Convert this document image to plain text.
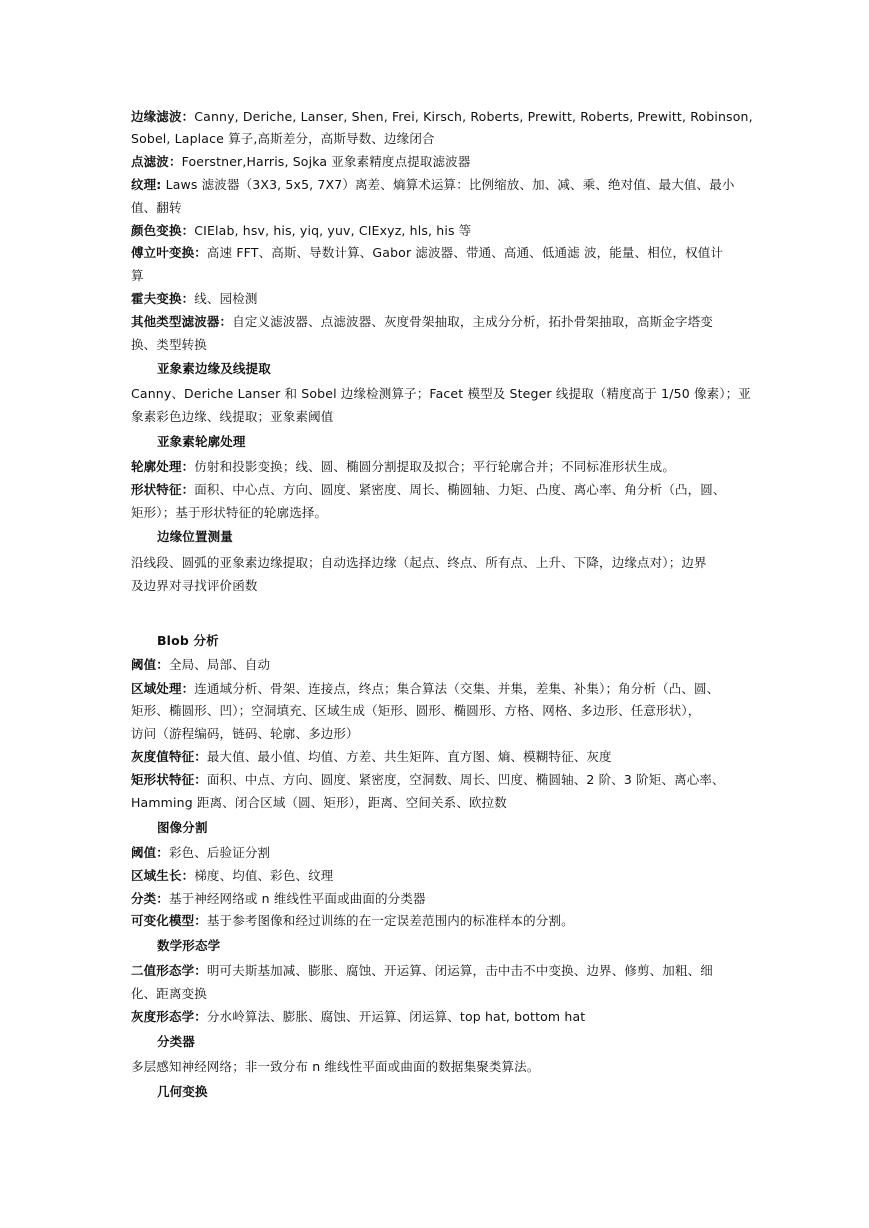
边缘滤波：Canny, Deriche, Lanser, Shen, Frei, Kirsch, Roberts, Prewitt, Roberts, Prewitt, Robinson,
Sobel, Laplace 算子,高斯差分，高斯导数、边缘闭合
点滤波：Foerstner,Harris, Sojka 亚象素精度点提取滤波器
纹理: Laws 滤波器（3X3, 5x5, 7X7）离差、熵算术运算：比例缩放、加、减、乘、绝对值、最大值、最小
值、翻转
颜色变换：CIElab, hsv, his, yiq, yuv, CIExyz, hls, his 等
傅立叶变换：高速 FFT、高斯、导数计算、Gabor 滤波器、带通、高通、低通滤 波，能量、相位，权值计
算
霍夫变换：线、园检测
其他类型滤波器：自定义滤波器、点滤波器、灰度骨架抽取，主成分分析，拓扑骨架抽取，高斯金字塔变
换、类型转换
亚象素边缘及线提取
Canny、Deriche Lanser 和 Sobel 边缘检测算子；Facet 模型及 Steger 线提取（精度高于 1/50 像素）；亚
象素彩色边缘、线提取；亚象素阈值
亚象素轮廓处理
轮廓处理：仿射和投影变换；线、圆、椭圆分割提取及拟合；平行轮廓合并；不同标准形状生成。
形状特征：面积、中心点、方向、圆度、紧密度、周长、椭圆轴、力矩、凸度、离心率、角分析（凸，圆、
矩形）；基于形状特征的轮廓选择。
边缘位置测量
沿线段、圆弧的亚象素边缘提取；自动选择边缘（起点、终点、所有点、上升、下降，边缘点对）；边界
及边界对寻找评价函数
Blob 分析
阈值：全局、局部、自动
区域处理：连通域分析、骨架、连接点，终点；集合算法（交集、并集，差集、补集）；角分析（凸、圆、
矩形、椭圆形、凹）；空洞填充、区域生成（矩形、圆形、椭圆形、方格、网格、多边形、任意形状），
访问（游程编码，链码、轮廓、多边形）
灰度值特征：最大值、最小值、均值、方差、共生矩阵、直方图、熵、模糊特征、灰度
矩形状特征：面积、中点、方向、圆度、紧密度，空洞数、周长、凹度、椭圆轴、2 阶、3 阶矩、离心率、
Hamming 距离、闭合区域（圆、矩形），距离、空间关系、欧拉数
图像分割
阈值：彩色、后验证分割
区域生长：梯度、均值、彩色、纹理
分类：基于神经网络或 n 维线性平面或曲面的分类器
可变化模型：基于参考图像和经过训练的在一定误差范围内的标准样本的分割。
数学形态学
二值形态学：明可夫斯基加减、膨胀、腐蚀、开运算、闭运算，击中击不中变换、边界、修剪、加粗、细
化、距离变换
灰度形态学：分水岭算法、膨胀、腐蚀、开运算、闭运算、top hat, bottom hat
分类器
多层感知神经网络；非一致分布 n 维线性平面或曲面的数据集聚类算法。
几何变换
